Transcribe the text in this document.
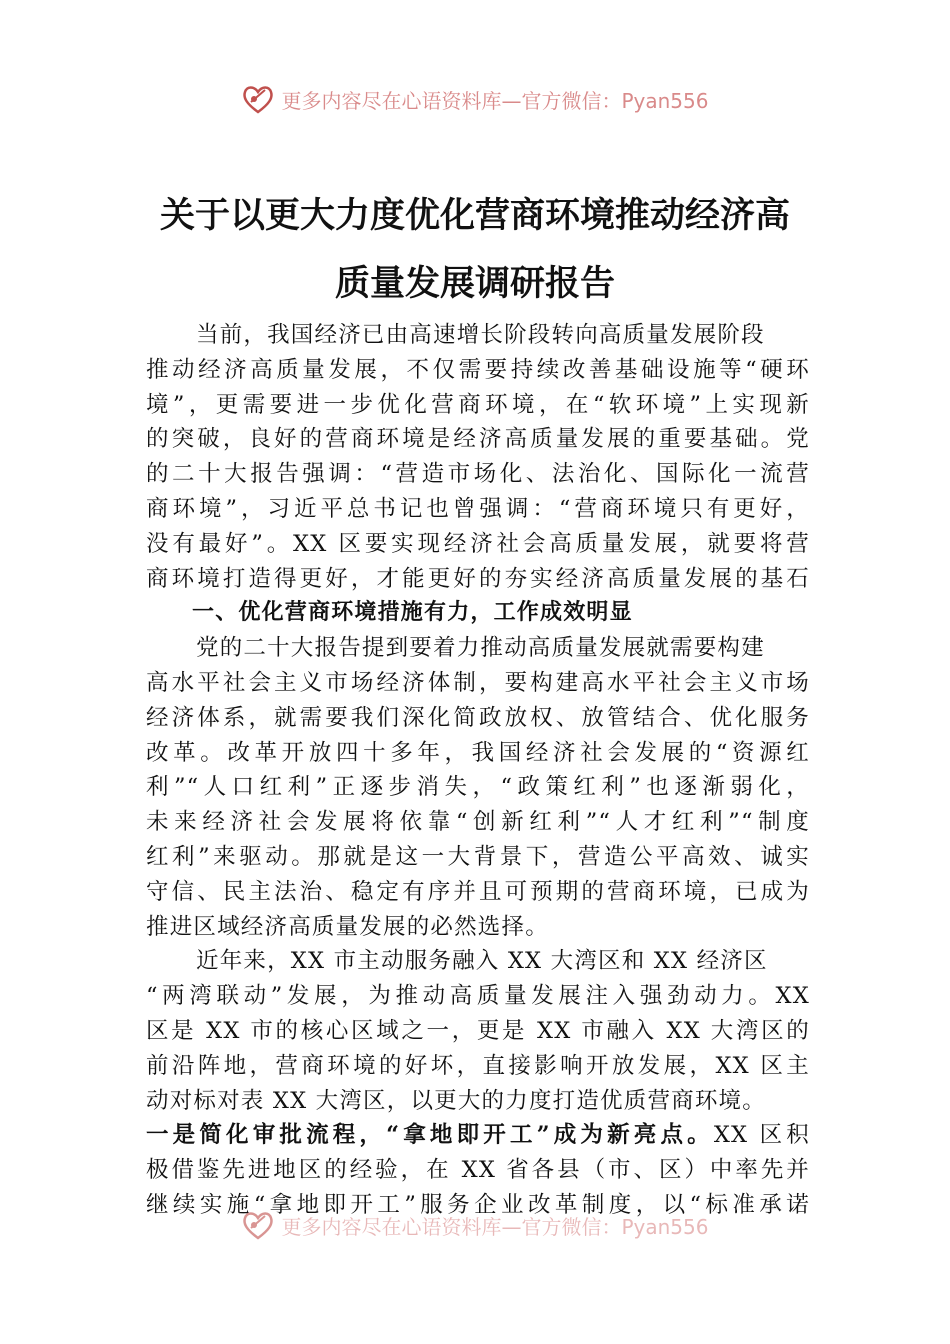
更多内容尽在心语资料库—官方微信：Pyan556
关于以更大力度优化营商环境推动经济高
质量发展调研报告
当前，我国经济已由高速增长阶段转向高质量发展阶段
推动经济高质量发展，不仅需要持续改善基础设施等“硬环
境”，更需要进一步优化营商环境，在“软环境”上实现新
的突破，良好的营商环境是经济高质量发展的重要基础。党
的二十大报告强调：“营造市场化、法治化、国际化一流营
商环境”，习近平总书记也曾强调：“营商环境只有更好，
没有最好”。XX 区要实现经济社会高质量发展，就要将营
商环境打造得更好，才能更好的夯实经济高质量发展的基石
一、优化营商环境措施有力，工作成效明显
党的二十大报告提到要着力推动高质量发展就需要构建
高水平社会主义市场经济体制，要构建高水平社会主义市场
经济体系，就需要我们深化简政放权、放管结合、优化服务
改革。改革开放四十多年，我国经济社会发展的“资源红
利”“人口红利”正逐步消失，“政策红利”也逐渐弱化，
未来经济社会发展将依靠“创新红利”“人才红利”“制度
红利”来驱动。那就是这一大背景下，营造公平高效、诚实
守信、民主法治、稳定有序并且可预期的营商环境，已成为
推进区域经济高质量发展的必然选择。
近年来，XX 市主动服务融入 XX 大湾区和 XX 经济区
“两湾联动”发展，为推动高质量发展注入强劲动力。XX
区是 XX 市的核心区域之一，更是 XX 市融入 XX 大湾区的
前沿阵地，营商环境的好坏，直接影响开放发展，XX 区主
动对标对表 XX 大湾区，以更大的力度打造优质营商环境。
一是简化审批流程，“拿地即开工”成为新亮点。XX 区积
极借鉴先进地区的经验，在 XX 省各县（市、区）中率先并
继续实施“拿地即开工”服务企业改革制度，以“标准承诺
更多内容尽在心语资料库—官方微信：Pyan556
